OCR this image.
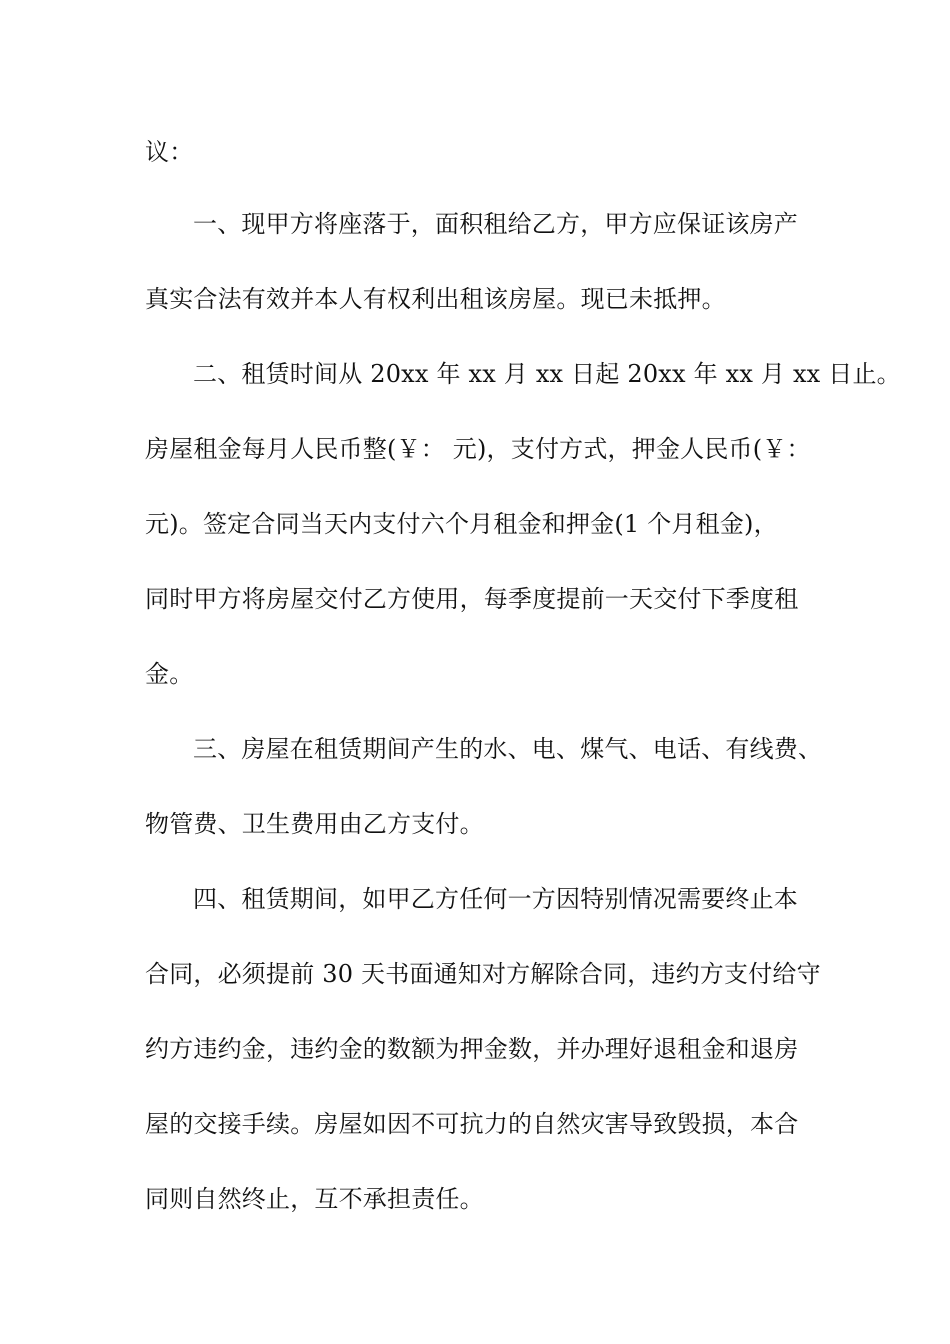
议：
一、现甲方将座落于，面积租给乙方，甲方应保证该房产
真实合法有效并本人有权利出租该房屋。现已未抵押。
二、租赁时间从 20xx 年 xx 月 xx 日起 20xx 年 xx 月 xx 日止。
房屋租金每月人民币整(￥： 元)，支付方式，押金人民币(￥：
元)。签定合同当天内支付六个月租金和押金(1 个月租金)，
同时甲方将房屋交付乙方使用，每季度提前一天交付下季度租
金。
三、房屋在租赁期间产生的水、电、煤气、电话、有线费、
物管费、卫生费用由乙方支付。
四、租赁期间，如甲乙方任何一方因特别情况需要终止本
合同，必须提前 30 天书面通知对方解除合同，违约方支付给守
约方违约金，违约金的数额为押金数，并办理好退租金和退房
屋的交接手续。房屋如因不可抗力的自然灾害导致毁损，本合
同则自然终止，互不承担责任。
